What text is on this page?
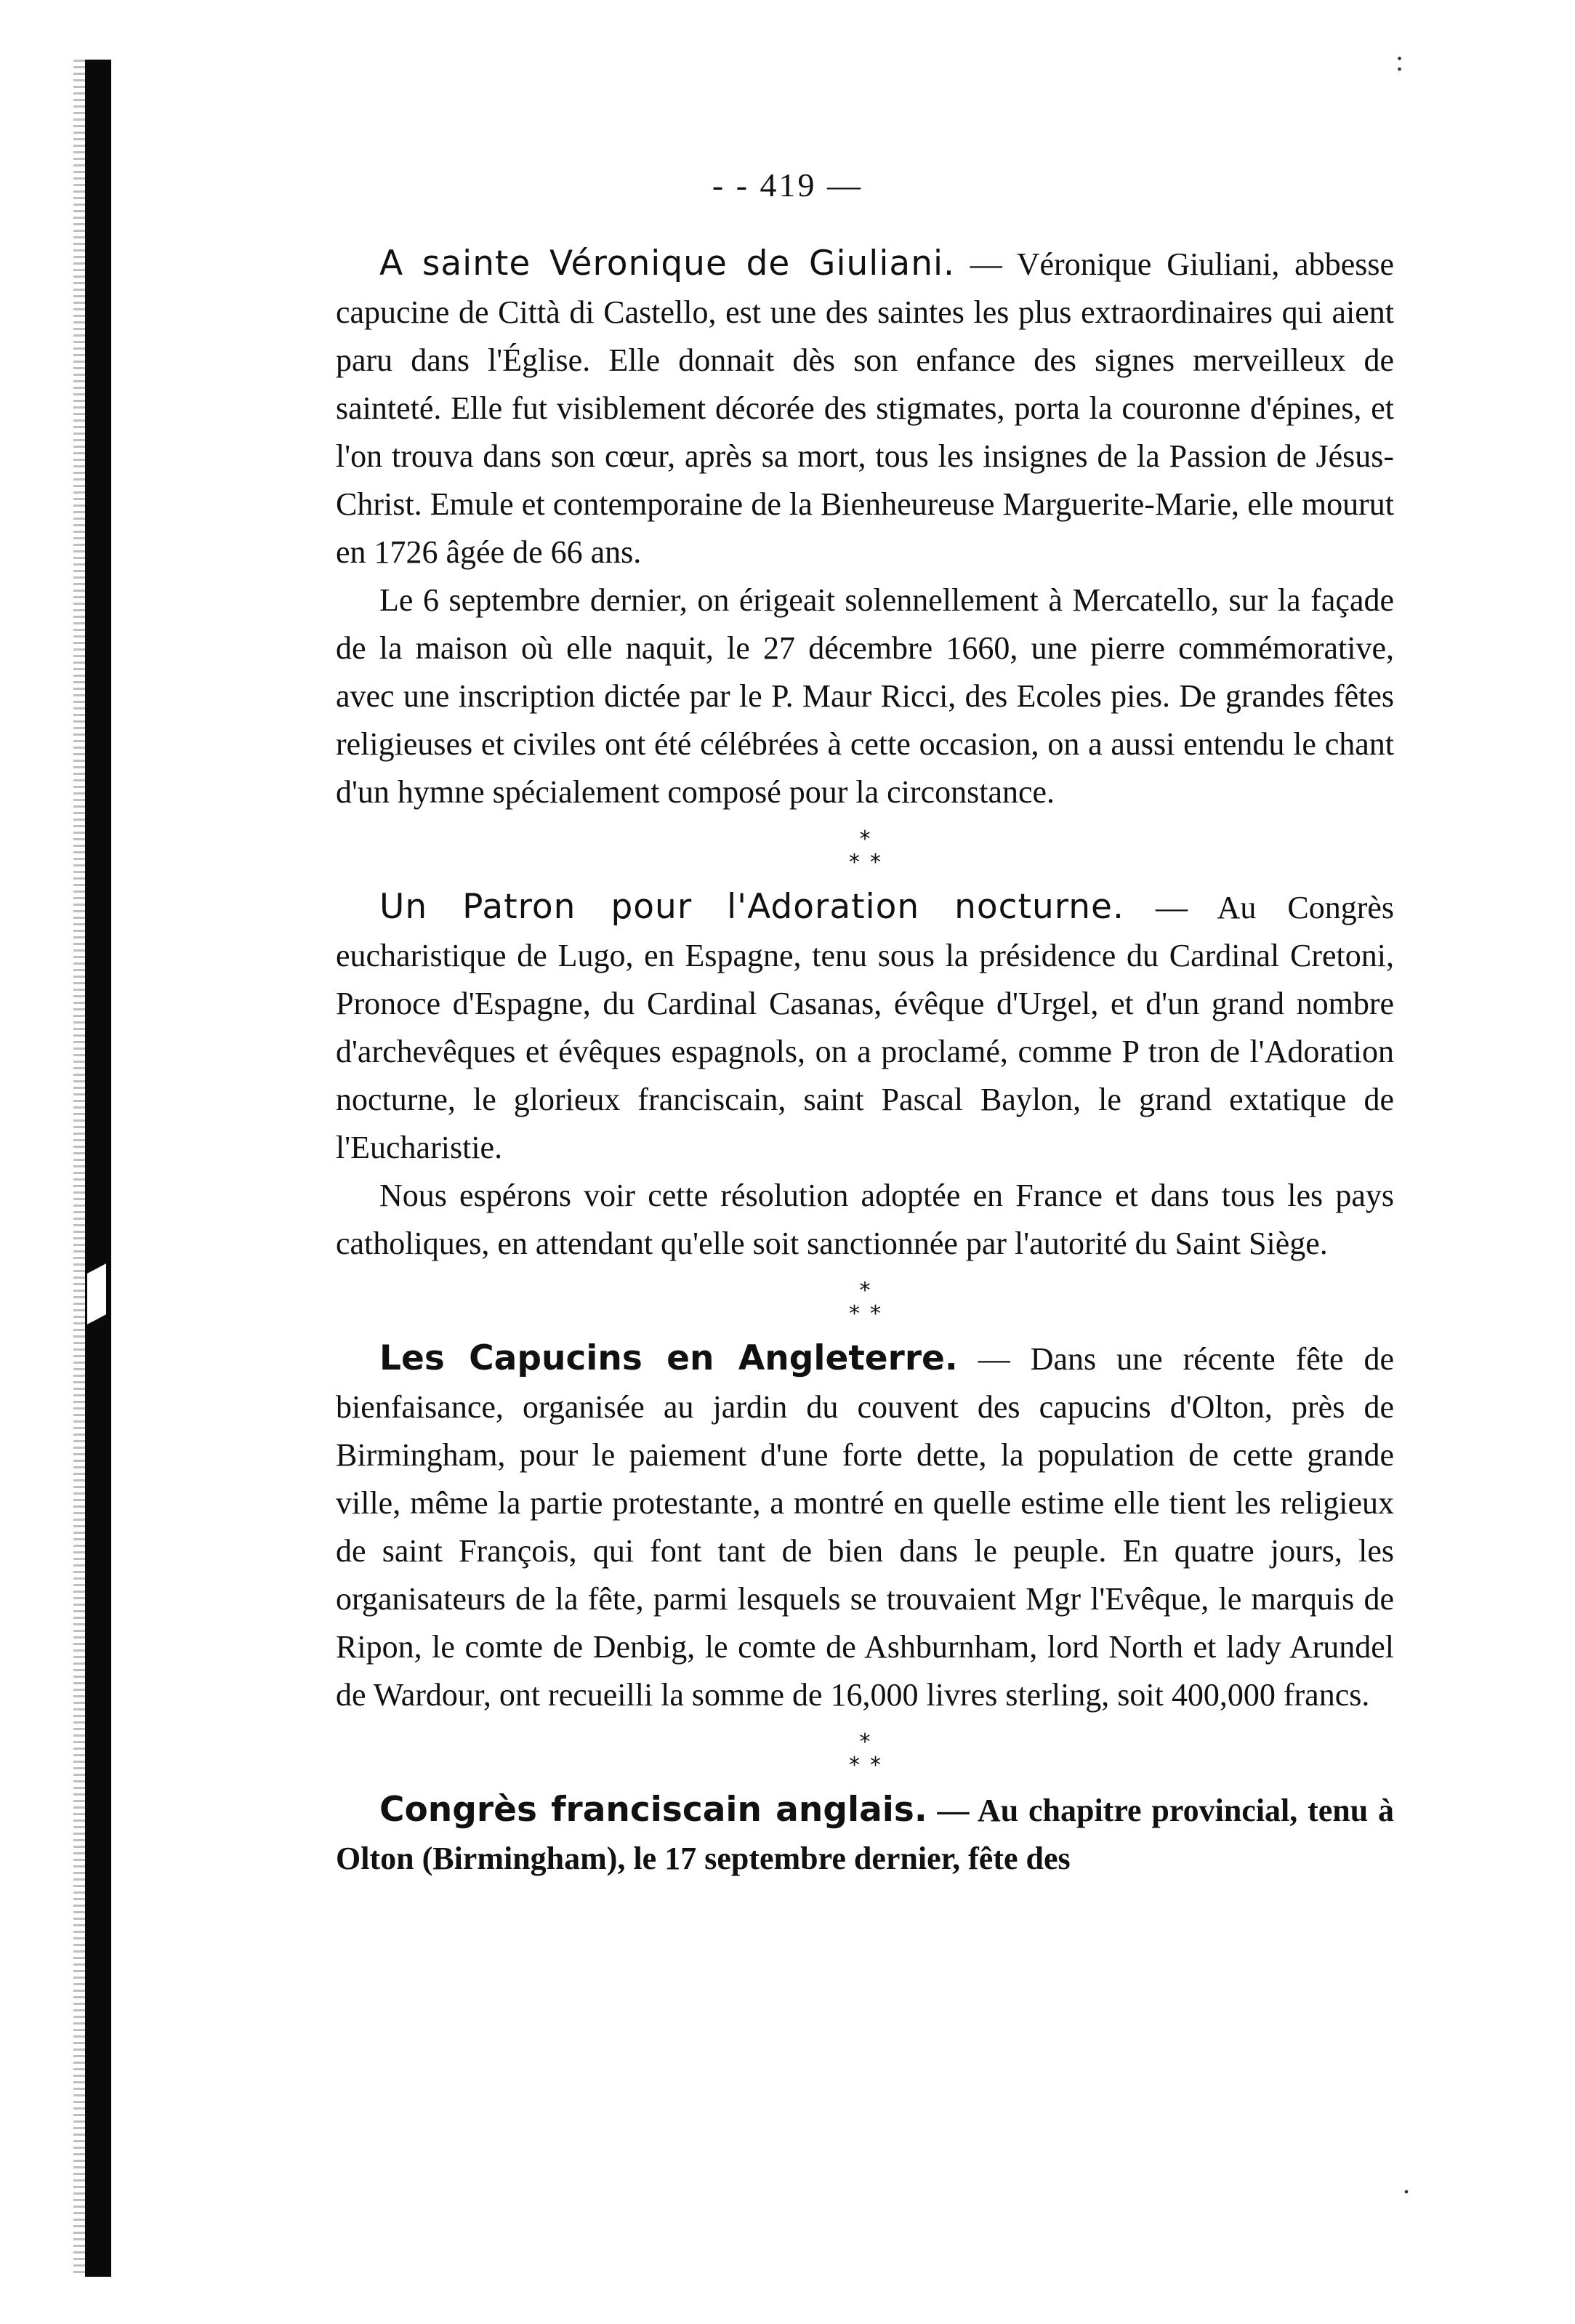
:
.
- - 419 —

A sainte Véronique de Giuliani. — Véronique Giuliani, abbesse capucine de Città di Castello, est une des saintes les plus extraordinaires qui aient paru dans l'Église. Elle donnait dès son enfance des signes merveilleux de sainteté. Elle fut visiblement décorée des stigmates, porta la couronne d'épines, et l'on trouva dans son cœur, après sa mort, tous les insignes de la Passion de Jésus-Christ. Emule et contemporaine de la Bienheureuse Marguerite-Marie, elle mourut en 1726 âgée de 66 ans.

Le 6 septembre dernier, on érigeait solennellement à Mercatello, sur la façade de la maison où elle naquit, le 27 décembre 1660, une pierre commémorative, avec une inscription dictée par le P. Maur Ricci, des Ecoles pies. De grandes fêtes religieuses et civiles ont été célébrées à cette occasion, on a aussi entendu le chant d'un hymne spécialement composé pour la circonstance.

*
**

Un Patron pour l'Adoration nocturne. — Au Congrès eucharistique de Lugo, en Espagne, tenu sous la présidence du Cardinal Cretoni, Pronoce d'Espagne, du Cardinal Casanas, évêque d'Urgel, et d'un grand nombre d'archevêques et évêques espagnols, on a proclamé, comme P tron de l'Adoration nocturne, le glorieux franciscain, saint Pascal Baylon, le grand extatique de l'Eucharistie.

Nous espérons voir cette résolution adoptée en France et dans tous les pays catholiques, en attendant qu'elle soit sanctionnée par l'autorité du Saint Siège.

*
**

Les Capucins en Angleterre. — Dans une récente fête de bienfaisance, organisée au jardin du couvent des capucins d'Olton, près de Birmingham, pour le paiement d'une forte dette, la population de cette grande ville, même la partie protestante, a montré en quelle estime elle tient les religieux de saint François, qui font tant de bien dans le peuple. En quatre jours, les organisateurs de la fête, parmi lesquels se trouvaient Mgr l'Evêque, le marquis de Ripon, le comte de Denbig, le comte de Ashburnham, lord North et lady Arundel de Wardour, ont recueilli la somme de 16,000 livres sterling, soit 400,000 francs.

*
**

Congrès franciscain anglais. — Au chapitre provincial, tenu à Olton (Birmingham), le 17 septembre dernier, fête des
